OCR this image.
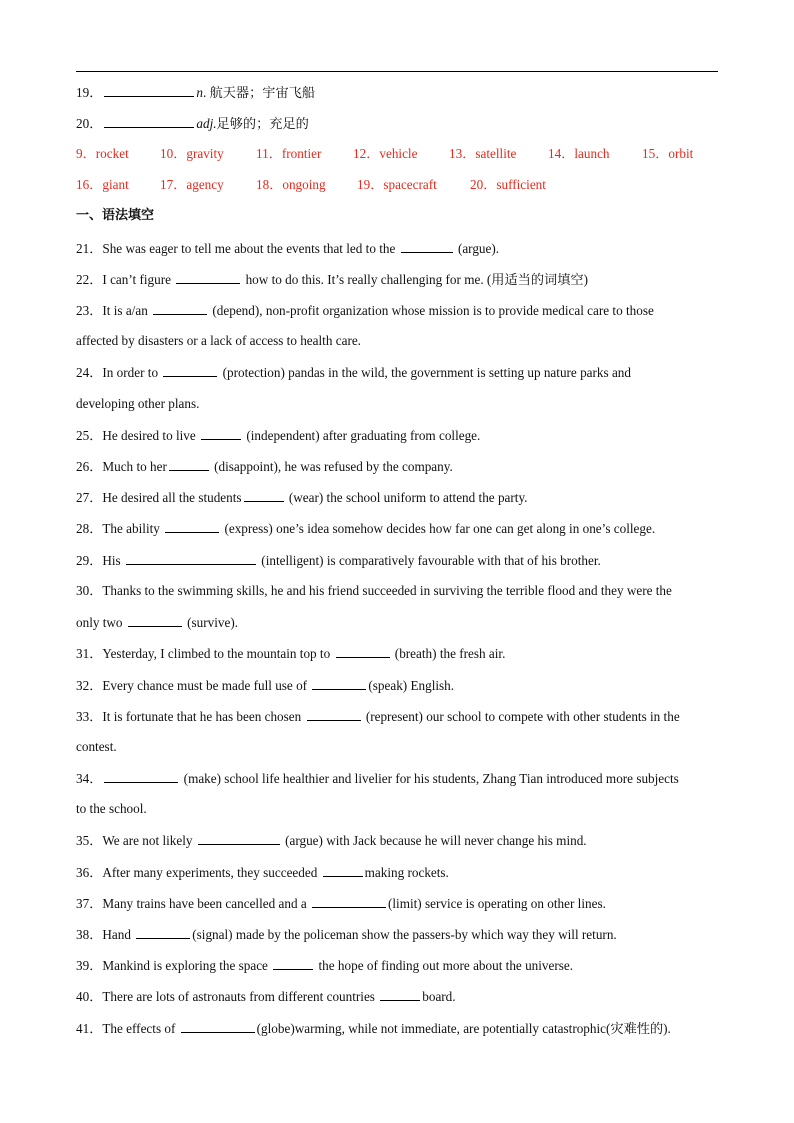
19．	n. 航天器；宇宙飞船
20．	adj.足够的；充足的
9．rocket 10．gravity 11．frontier 12．vehicle 13．satellite 14．launch 15．orbit
16．giant 17．agency 18．ongoing 19．spacecraft	20．sufficient
一、语法填空
21．She was eager to tell me about the events that led to the	(argue).
22．I can’t figure	how to do this. It’s really challenging for me. (用适当的词填空)
23．It is a/an	(depend), non-profit organization whose mission is to provide medical care to those
affected by disasters or a lack of access to health care.
24．In order to	(protection) pandas in the wild, the government is setting up nature parks and
developing other plans.
25．He desired to live	(independent) after graduating from college.
26．Much to her	(disappoint), he was refused by the company.
27．He desired all the students	(wear) the school uniform to attend the party.
28．The ability	(express) one’s idea somehow decides how far one can get along in one’s college.
29．His	(intelligent) is comparatively favourable with that of his brother.
30．Thanks to the swimming skills, he and his friend succeeded in surviving the terrible flood and they were the
only two	(survive).
31．Yesterday, I climbed to the mountain top to	(breath) the fresh air.
32．Every chance must be made full use of	(speak) English.
33．It is fortunate that he has been chosen	(represent) our school to compete with other students in the
contest.
34．	(make) school life healthier and livelier for his students, Zhang Tian introduced more subjects
to the school.
35．We are not likely	(argue) with Jack because he will never change his mind.
36．After many experiments, they succeeded	making rockets.
37．Many trains have been cancelled and a	(limit) service is operating on other lines.
38．Hand	(signal) made by the policeman show the passers-by which way they will return.
39．Mankind is exploring the space	the hope of finding out more about the universe.
40．There are lots of astronauts from different countries	board.
41．The effects of	(globe)warming, while not immediate, are potentially catastrophic(灾难性的).
